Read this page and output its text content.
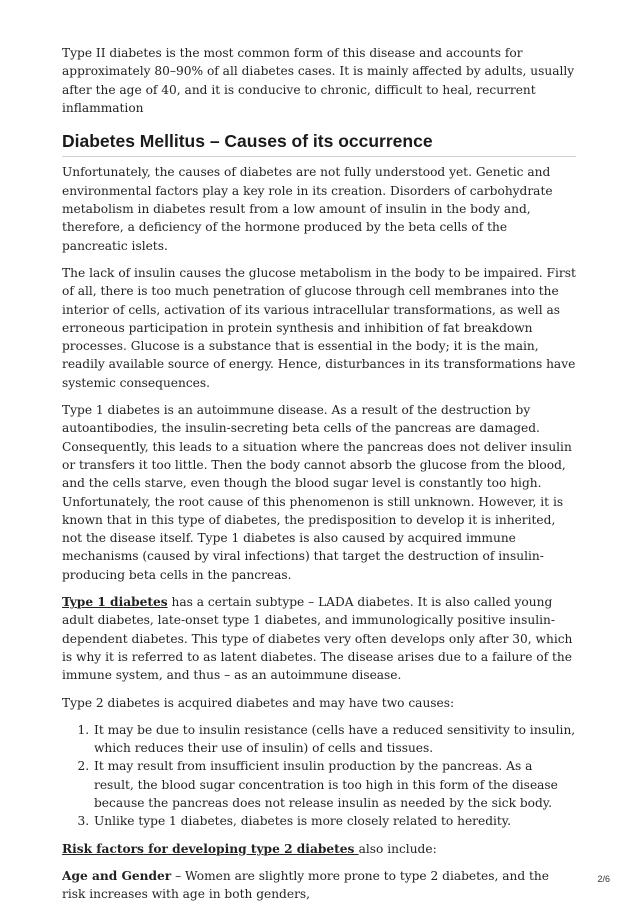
Type II diabetes is the most common form of this disease and accounts for approximately 80–90% of all diabetes cases. It is mainly affected by adults, usually after the age of 40, and it is conducive to chronic, difficult to heal, recurrent inflammation

Diabetes Mellitus – Causes of its occurrence

Unfortunately, the causes of diabetes are not fully understood yet. Genetic and environmental factors play a key role in its creation. Disorders of carbohydrate metabolism in diabetes result from a low amount of insulin in the body and, therefore, a deficiency of the hormone produced by the beta cells of the pancreatic islets.

The lack of insulin causes the glucose metabolism in the body to be impaired. First of all, there is too much penetration of glucose through cell membranes into the interior of cells, activation of its various intracellular transformations, as well as erroneous participation in protein synthesis and inhibition of fat breakdown processes. Glucose is a substance that is essential in the body; it is the main, readily available source of energy. Hence, disturbances in its transformations have systemic consequences.

Type 1 diabetes is an autoimmune disease. As a result of the destruction by autoantibodies, the insulin-secreting beta cells of the pancreas are damaged. Consequently, this leads to a situation where the pancreas does not deliver insulin or transfers it too little. Then the body cannot absorb the glucose from the blood, and the cells starve, even though the blood sugar level is constantly too high. Unfortunately, the root cause of this phenomenon is still unknown. However, it is known that in this type of diabetes, the predisposition to develop it is inherited, not the disease itself. Type 1 diabetes is also caused by acquired immune mechanisms (caused by viral infections) that target the destruction of insulin-producing beta cells in the pancreas.

Type 1 diabetes has a certain subtype – LADA diabetes. It is also called young adult diabetes, late-onset type 1 diabetes, and immunologically positive insulin-dependent diabetes. This type of diabetes very often develops only after 30, which is why it is referred to as latent diabetes. The disease arises due to a failure of the immune system, and thus – as an autoimmune disease.

Type 2 diabetes is acquired diabetes and may have two causes:

1. It may be due to insulin resistance (cells have a reduced sensitivity to insulin, which reduces their use of insulin) of cells and tissues.
2. It may result from insufficient insulin production by the pancreas. As a result, the blood sugar concentration is too high in this form of the disease because the pancreas does not release insulin as needed by the sick body.
3. Unlike type 1 diabetes, diabetes is more closely related to heredity.

Risk factors for developing type 2 diabetes also include:

Age and Gender – Women are slightly more prone to type 2 diabetes, and the risk increases with age in both genders,

2/6
